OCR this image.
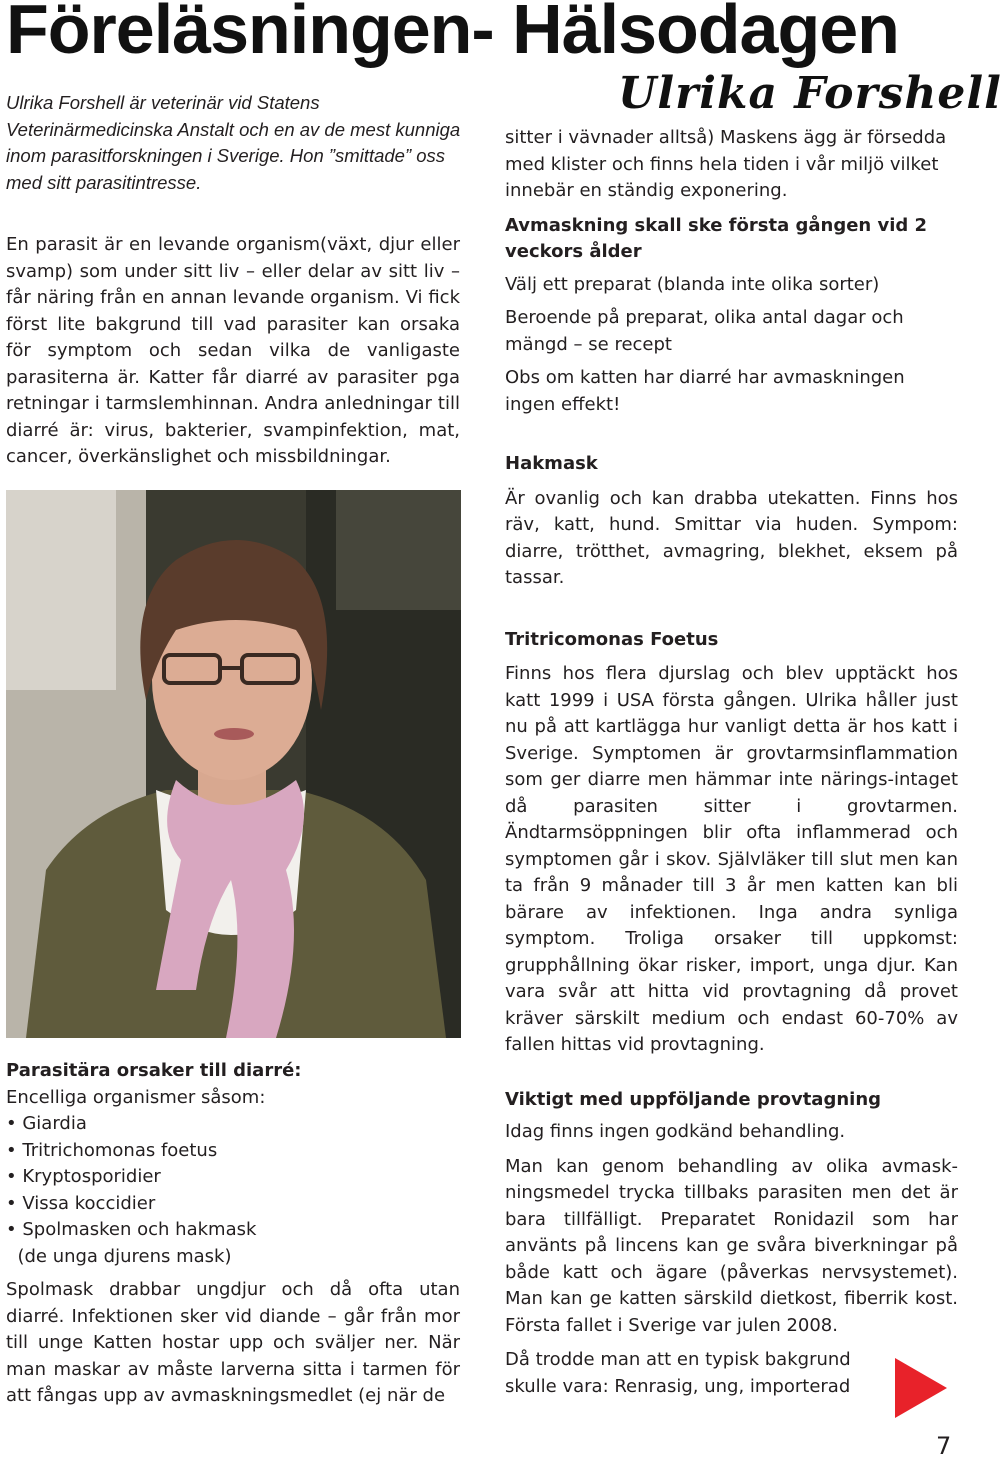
Föreläsningen- Hälsodagen
Ulrika Forshell

Ulrika Forshell är veterinär vid Statens Veterinärmedicinska Anstalt och en av de mest kunniga inom parasitforskningen i Sverige. Hon ”smittade” oss med sitt parasitintresse.

En parasit är en levande organism(växt, djur eller svamp) som under sitt liv – eller delar av sitt liv – får näring från en annan levande organism. Vi fick först lite bakgrund till vad parasiter kan orsaka för symptom och sedan vilka de vanligaste parasiterna är. Katter får diarré av parasiter pga retningar i tarmslemhinnan. Andra anledningar till diarré är: virus, bakterier, svampinfektion, mat, cancer, överkänslighet och missbildningar.

Parasitära orsaker till diarré:

Encelliga organismer såsom:

• Giardia
• Tritrichomonas foetus
• Kryptosporidier
• Vissa koccidier
• Spolmasken och hakmask
(de unga djurens mask)

Spolmask drabbar ungdjur och då ofta utan diarré. Infektionen sker vid diande – går från mor till unge Katten hostar upp och sväljer ner. När man maskar av måste larverna sitta i tarmen för att fångas upp av avmaskningsmedlet (ej när de

sitter i vävnader alltså) Maskens ägg är försedda med klister och finns hela tiden i vår miljö vilket innebär en ständig exponering.

Avmaskning skall ske första gången vid 2 veckors ålder

Välj ett preparat (blanda inte olika sorter)

Beroende på preparat, olika antal dagar och mängd – se recept

Obs om katten har diarré har avmaskningen ingen effekt!

Hakmask

Är ovanlig och kan drabba utekatten. Finns hos räv, katt, hund. Smittar via huden. Sympom: diarre, trötthet, avmagring, blekhet, eksem på tassar.

Tritricomonas Foetus

Finns hos flera djurslag och blev upptäckt hos katt 1999 i USA första gången. Ulrika håller just nu på att kartlägga hur vanligt detta är hos katt i Sverige. Symptomen är grovtarmsinflammation som ger diarre men hämmar inte närings-intaget då parasiten sitter i grovtarmen. Ändtarmsöppningen blir ofta inflammerad och symptomen går i skov. Självläker till slut men kan ta från 9 månader till 3 år men katten kan bli bärare av infektionen. Inga andra synliga symptom. Troliga orsaker till uppkomst: grupphållning ökar risker, import, unga djur. Kan vara svår att hitta vid provtagning då provet kräver särskilt medium och endast 60-70% av fallen hittas vid provtagning.

Viktigt med uppföljande provtagning

Idag finns ingen godkänd behandling.

Man kan genom behandling av olika avmask-ningsmedel trycka tillbaks parasiten men det är bara tillfälligt. Preparatet Ronidazil som har använts på lincens kan ge svåra biverkningar på både katt och ägare (påverkas nervsystemet). Man kan ge katten särskild dietkost, fiberrik kost. Första fallet i Sverige var julen 2008.

Då trodde man att en typisk bakgrund skulle vara: Renrasig, ung, importerad

7
